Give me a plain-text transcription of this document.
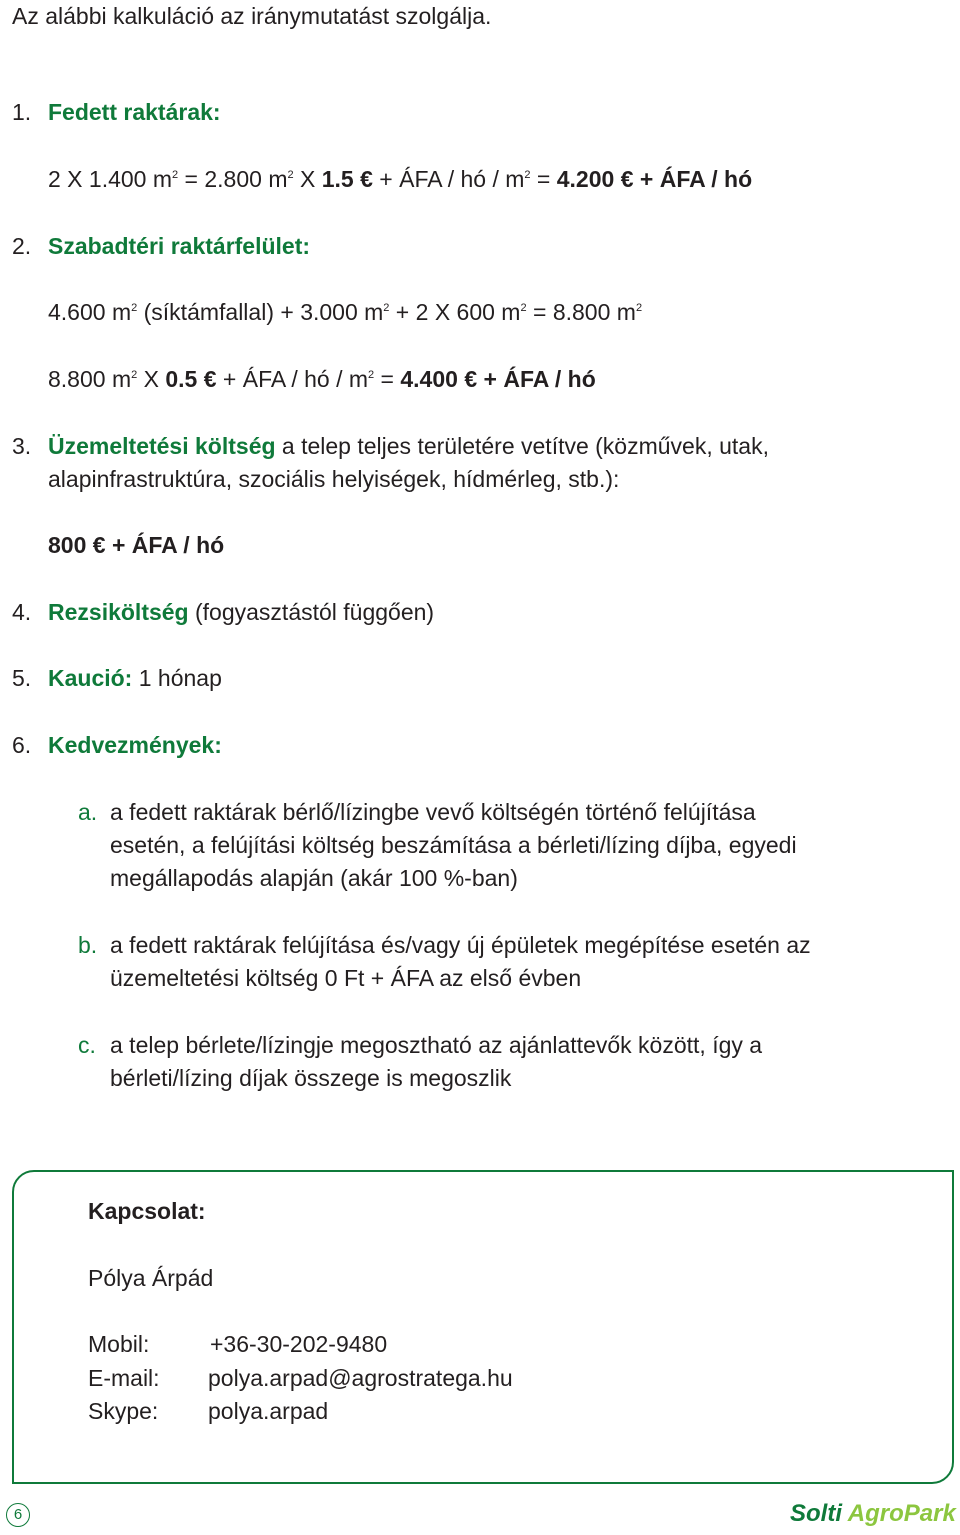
Az alábbi kalkuláció az iránymutatást szolgálja.
1. Fedett raktárak:
2 X 1.400 $m^2 = 2.800$ $m^2$ X 1.5 € + ÁFA / hó / $m^2 = 4.200$ € + ÁFA / hó
2. Szabadtéri raktárfelület:
4.600 $m^2$ (síktámfallal) + 3.000 $m^2 + 2$ X 600 $m^2 = 8.800$ $m^2$
8.800 $m^2$ X 0.5 € + ÁFA / hó / $m^2 = 4.400$ € + ÁFA / hó
3. Üzemeltetési költség a telep teljes területére vetítve (közművek, utak,
alapinfrastruktúra, szociális helyiségek, hídmérleg, stb.):
800 € + ÁFA / hó
4. Rezsiköltség (fogyasztástól függően)
5. Kaució: 1 hónap
6. Kedvezmények:
a. a fedett raktárak bérlő/lízingbe vevő költségén történő felújítása
esetén, a felújítási költség beszámítása a bérleti/lízing díjba, egyedi
megállapodás alapján (akár 100 %-ban)
b. a fedett raktárak felújítása és/vagy új épületek megépítése esetén az
üzemeltetési költség 0 Ft + ÁFA az első évben
c. a telep bérlete/lízingje megosztható az ajánlattevők között, így a
bérleti/lízing díjak összege is megoszlik
Kapcsolat:
Pólya Árpád
Mobil:	+36-30-202-9480
E-mail: polya.arpad@agrostratega.hu
Skype: polya.arpad
6	Solti AgroPark
